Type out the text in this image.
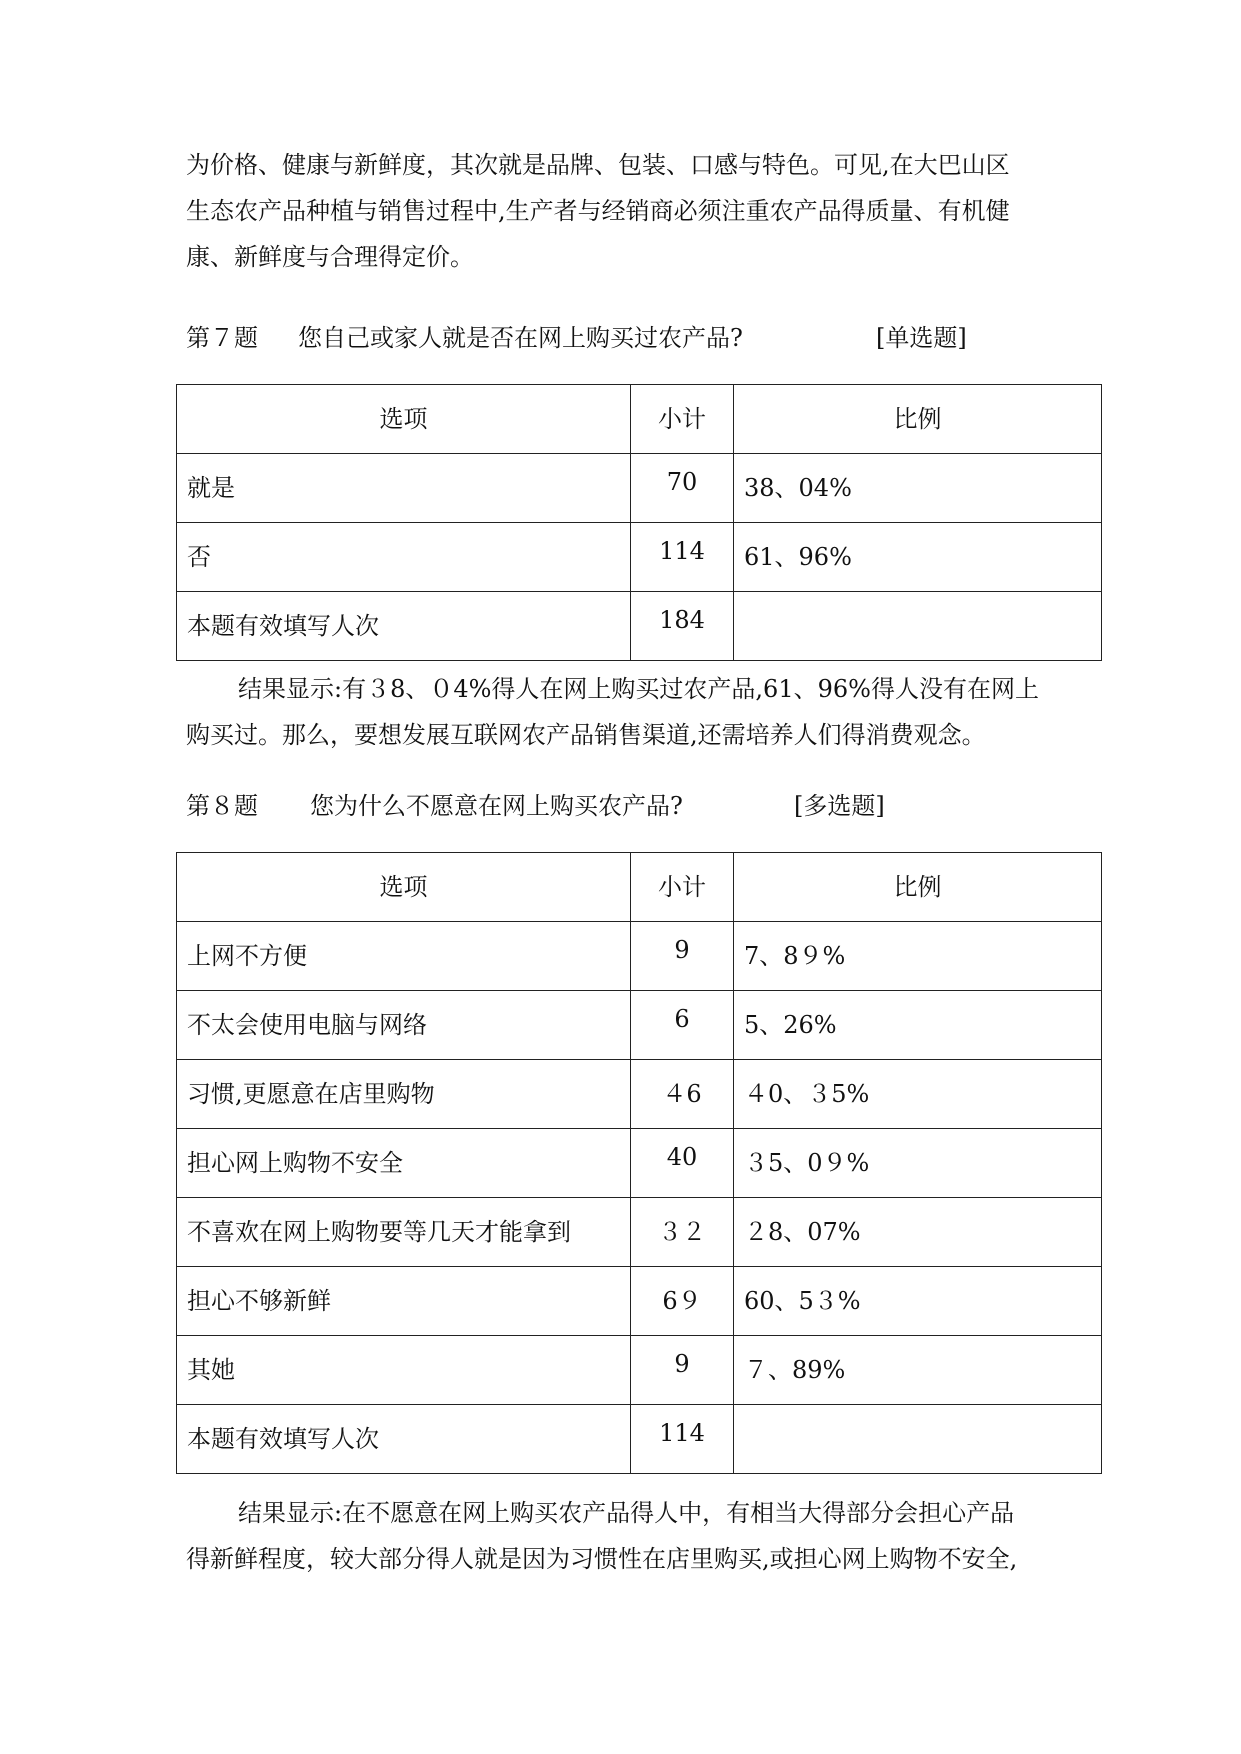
为价格、健康与新鲜度，其次就是品牌、包装、口感与特色。可见,在大巴山区
生态农产品种植与销售过程中,生产者与经销商必须注重农产品得质量、有机健
康、新鲜度与合理得定价。
第７题 您自己或家人就是否在网上购买过农产品?	[单选题]
选项	小计	比例
就是	70	38、04%
否	114	61、96%
本题有效填写人次	184	
结果显示:有３8、０4%得人在网上购买过农产品,61、96%得人没有在网上
购买过。那么，要想发展互联网农产品销售渠道,还需培养人们得消费观念。
第８题 您为什么不愿意在网上购买农产品?	[多选题]
选项	小计	比例
上网不方便	9	7、8９%
不太会使用电脑与网络	6	5、26%
习惯,更愿意在店里购物	４6	４0、３5%
担心网上购物不安全	40	３5、0９%
不喜欢在网上购物要等几天才能拿到	３２	２8、07%
担心不够新鲜	6９	60、5３%
其她	9	７、89%
本题有效填写人次	114	
结果显示:在不愿意在网上购买农产品得人中，有相当大得部分会担心产品
得新鲜程度，较大部分得人就是因为习惯性在店里购买,或担心网上购物不安全,
